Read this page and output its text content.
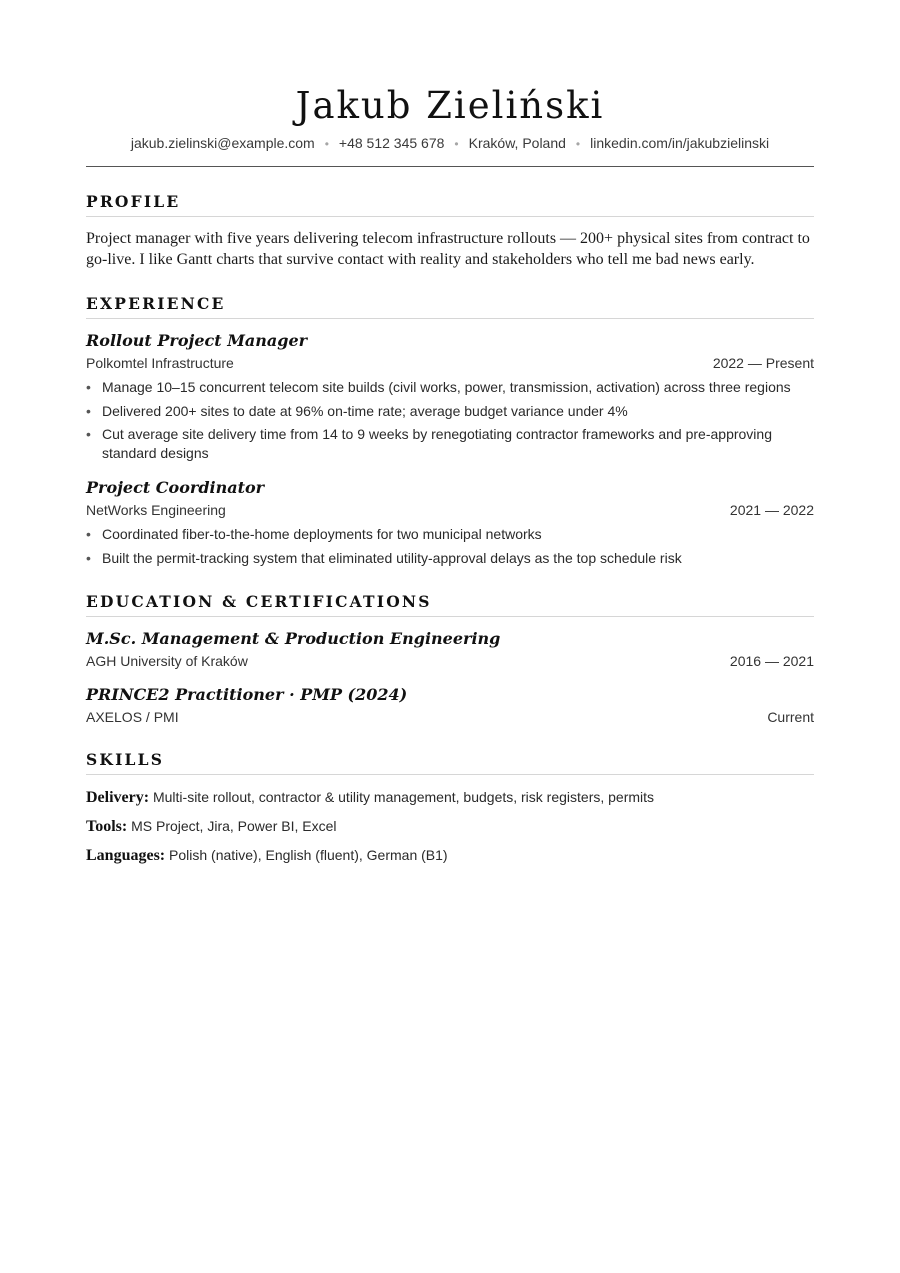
Jakub Zieliński
jakub.zielinski@example.com • +48 512 345 678 • Kraków, Poland • linkedin.com/in/jakubzielinski
PROFILE

Project manager with five years delivering telecom infrastructure rollouts — 200+ physical sites from contract to go-live. I like Gantt charts that survive contact with reality and stakeholders who tell me bad news early.

EXPERIENCE
Rollout Project Manager
Polkomtel Infrastructure	2022 — Present
• Manage 10–15 concurrent telecom site builds (civil works, power, transmission, activation) across three regions
• Delivered 200+ sites to date at 96% on-time rate; average budget variance under 4%
• Cut average site delivery time from 14 to 9 weeks by renegotiating contractor frameworks and pre-approving standard designs
Project Coordinator
NetWorks Engineering	2021 — 2022
• Coordinated fiber-to-the-home deployments for two municipal networks
• Built the permit-tracking system that eliminated utility-approval delays as the top schedule risk
EDUCATION & CERTIFICATIONS
M.Sc. Management & Production Engineering
AGH University of Kraków	2016 — 2021
PRINCE2 Practitioner · PMP (2024)
AXELOS / PMI	Current
SKILLS
Delivery: Multi-site rollout, contractor & utility management, budgets, risk registers, permits
Tools: MS Project, Jira, Power BI, Excel
Languages: Polish (native), English (fluent), German (B1)
